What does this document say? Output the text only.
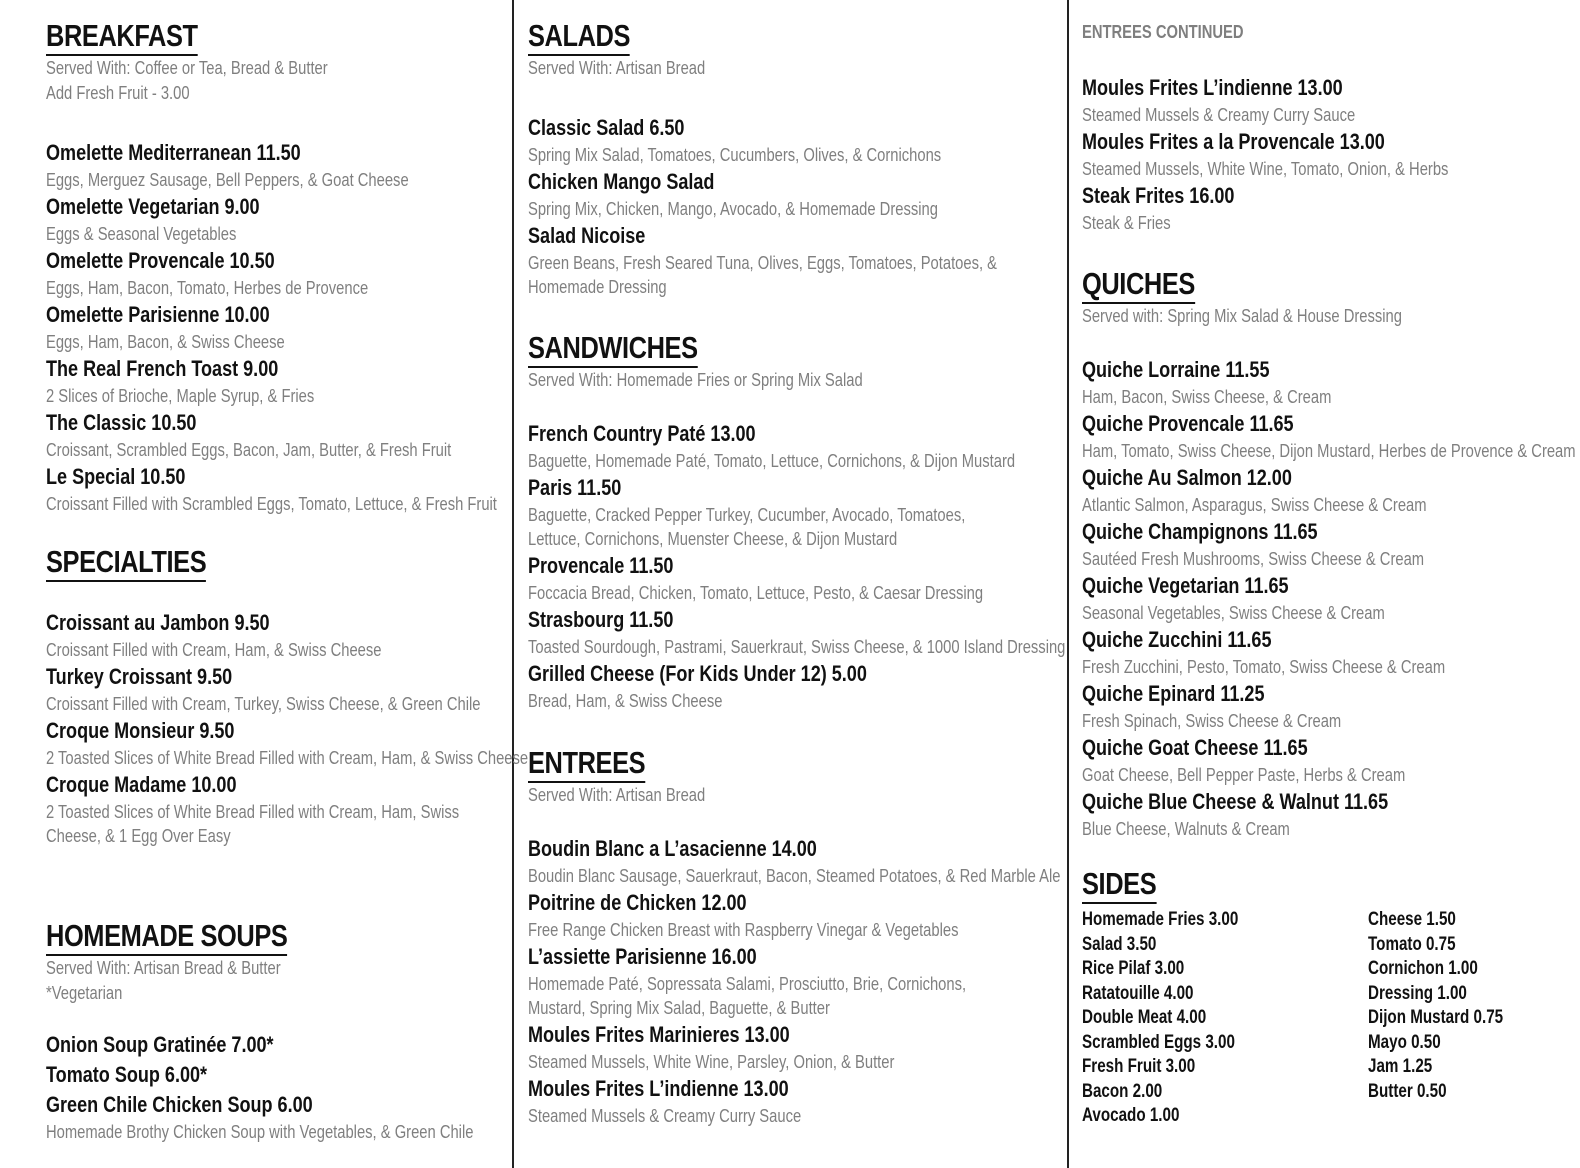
BREAKFAST
Served With: Coffee or Tea, Bread & Butter
Add Fresh Fruit - 3.00
Omelette Mediterranean 11.50
Eggs, Merguez Sausage, Bell Peppers, & Goat Cheese
Omelette Vegetarian 9.00
Eggs & Seasonal Vegetables
Omelette Provencale 10.50
Eggs, Ham, Bacon, Tomato, Herbes de Provence
Omelette Parisienne 10.00
Eggs, Ham, Bacon, & Swiss Cheese
The Real French Toast 9.00
2 Slices of Brioche, Maple Syrup, & Fries
The Classic 10.50
Croissant, Scrambled Eggs, Bacon, Jam, Butter, & Fresh Fruit
Le Special 10.50
Croissant Filled with Scrambled Eggs, Tomato, Lettuce, & Fresh Fruit
SPECIALTIES
Croissant au Jambon 9.50
Croissant Filled with Cream, Ham, & Swiss Cheese
Turkey Croissant 9.50
Croissant Filled with Cream, Turkey, Swiss Cheese, & Green Chile
Croque Monsieur 9.50
2 Toasted Slices of White Bread Filled with Cream, Ham, & Swiss Cheese
Croque Madame 10.00
2 Toasted Slices of White Bread Filled with Cream, Ham, Swiss Cheese, & 1 Egg Over Easy
HOMEMADE SOUPS
Served With: Artisan Bread & Butter
*Vegetarian
Onion Soup Gratinée 7.00*
Tomato Soup 6.00*
Green Chile Chicken Soup 6.00
Homemade Brothy Chicken Soup with Vegetables, & Green Chile
SALADS
Served With: Artisan Bread
Classic Salad 6.50
Spring Mix Salad, Tomatoes, Cucumbers, Olives, & Cornichons
Chicken Mango Salad
Spring Mix, Chicken, Mango, Avocado, & Homemade Dressing
Salad Nicoise
Green Beans, Fresh Seared Tuna, Olives, Eggs, Tomatoes, Potatoes, & Homemade Dressing
SANDWICHES
Served With: Homemade Fries or Spring Mix Salad
French Country Paté 13.00
Baguette, Homemade Paté, Tomato, Lettuce, Cornichons, & Dijon Mustard
Paris 11.50
Baguette, Cracked Pepper Turkey, Cucumber, Avocado, Tomatoes, Lettuce, Cornichons, Muenster Cheese, & Dijon Mustard
Provencale 11.50
Foccacia Bread, Chicken, Tomato, Lettuce, Pesto, & Caesar Dressing
Strasbourg 11.50
Toasted Sourdough, Pastrami, Sauerkraut, Swiss Cheese, & 1000 Island Dressing
Grilled Cheese (For Kids Under 12) 5.00
Bread, Ham, & Swiss Cheese
ENTREES
Served With: Artisan Bread
Boudin Blanc a L’asacienne 14.00
Boudin Blanc Sausage, Sauerkraut, Bacon, Steamed Potatoes, & Red Marble Ale
Poitrine de Chicken 12.00
Free Range Chicken Breast with Raspberry Vinegar & Vegetables
L’assiette Parisienne 16.00
Homemade Paté, Sopressata Salami, Prosciutto, Brie, Cornichons, Mustard, Spring Mix Salad, Baguette, & Butter
Moules Frites Marinieres 13.00
Steamed Mussels, White Wine, Parsley, Onion, & Butter
Moules Frites L’indienne 13.00
Steamed Mussels & Creamy Curry Sauce
ENTREES CONTINUED
Moules Frites L’indienne 13.00
Steamed Mussels & Creamy Curry Sauce
Moules Frites a la Provencale 13.00
Steamed Mussels, White Wine, Tomato, Onion, & Herbs
Steak Frites 16.00
Steak & Fries
QUICHES
Served with: Spring Mix Salad & House Dressing
Quiche Lorraine 11.55
Ham, Bacon, Swiss Cheese, & Cream
Quiche Provencale 11.65
Ham, Tomato, Swiss Cheese, Dijon Mustard, Herbes de Provence & Cream
Quiche Au Salmon 12.00
Atlantic Salmon, Asparagus, Swiss Cheese & Cream
Quiche Champignons 11.65
Sautéed Fresh Mushrooms, Swiss Cheese & Cream
Quiche Vegetarian 11.65
Seasonal Vegetables, Swiss Cheese & Cream
Quiche Zucchini 11.65
Fresh Zucchini, Pesto, Tomato, Swiss Cheese & Cream
Quiche Epinard 11.25
Fresh Spinach, Swiss Cheese & Cream
Quiche Goat Cheese 11.65
Goat Cheese, Bell Pepper Paste, Herbs & Cream
Quiche Blue Cheese & Walnut 11.65
Blue Cheese, Walnuts & Cream
SIDES
Homemade Fries 3.00
Salad 3.50
Rice Pilaf 3.00
Ratatouille 4.00
Double Meat 4.00
Scrambled Eggs 3.00
Fresh Fruit 3.00
Bacon 2.00
Avocado 1.00
Cheese 1.50
Tomato 0.75
Cornichon 1.00
Dressing 1.00
Dijon Mustard 0.75
Mayo 0.50
Jam 1.25
Butter 0.50
